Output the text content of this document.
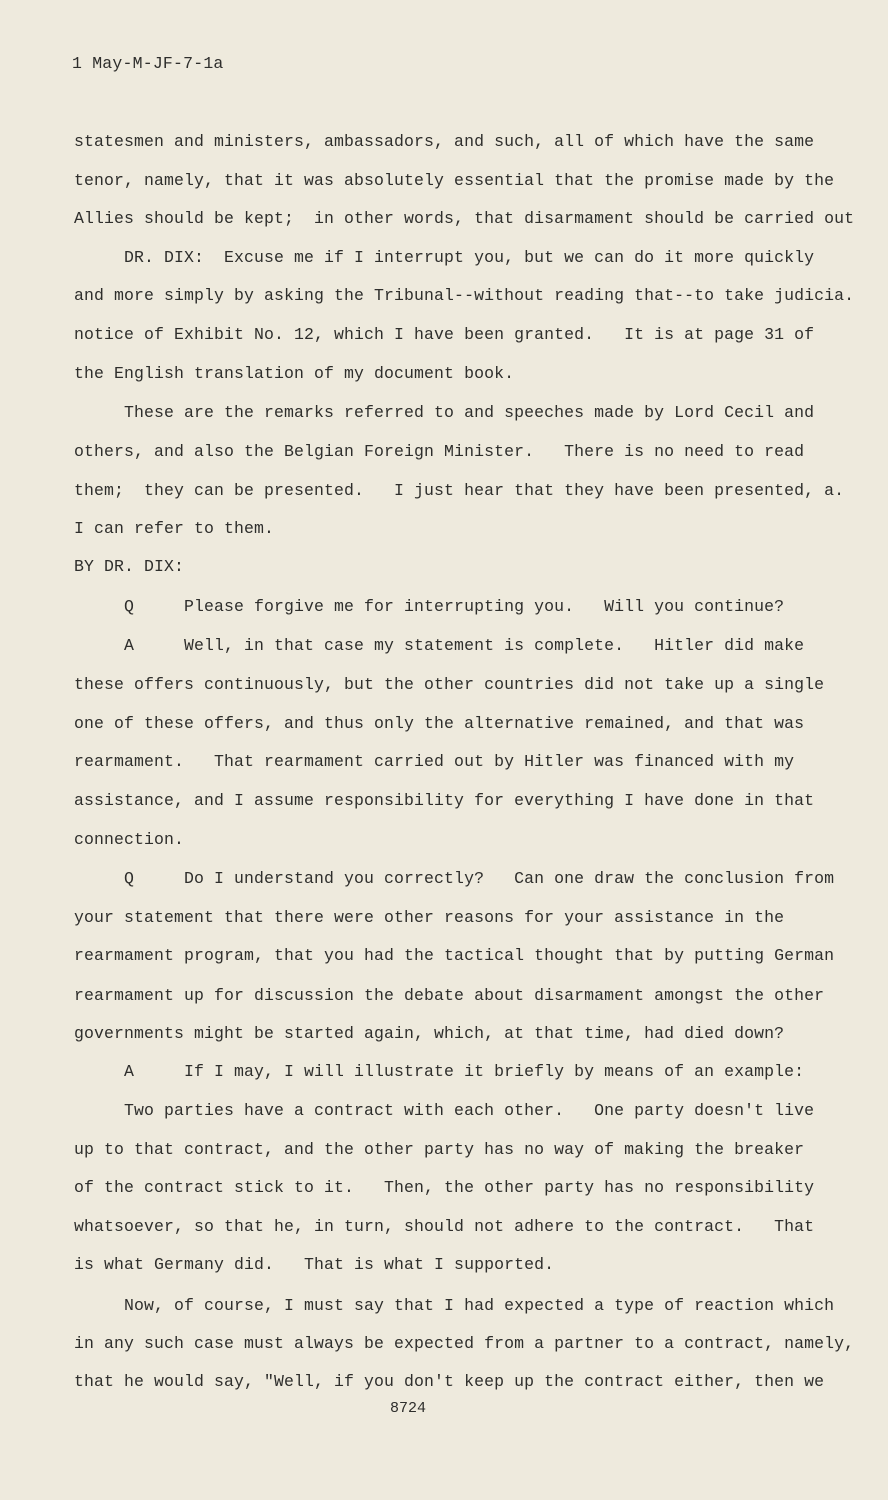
1 May-M-JF-7-1a
statesmen and ministers, ambassadors, and such, all of which have the same
tenor, namely, that it was absolutely essential that the promise made by the
Allies should be kept;  in other words, that disarmament should be carried out
DR. DIX:  Excuse me if I interrupt you, but we can do it more quickly
and more simply by asking the Tribunal--without reading that--to take judicia.
notice of Exhibit No. 12, which I have been granted.   It is at page 31 of
the English translation of my document book.
These are the remarks referred to and speeches made by Lord Cecil and
others, and also the Belgian Foreign Minister.   There is no need to read
them;  they can be presented.   I just hear that they have been presented, a.
I can refer to them.
BY DR. DIX:
Q     Please forgive me for interrupting you.   Will you continue?
A     Well, in that case my statement is complete.   Hitler did make
these offers continuously, but the other countries did not take up a single
one of these offers, and thus only the alternative remained, and that was
rearmament.   That rearmament carried out by Hitler was financed with my
assistance, and I assume responsibility for everything I have done in that
connection.
Q     Do I understand you correctly?   Can one draw the conclusion from
your statement that there were other reasons for your assistance in the
rearmament program, that you had the tactical thought that by putting German
rearmament up for discussion the debate about disarmament amongst the other
governments might be started again, which, at that time, had died down?
A     If I may, I will illustrate it briefly by means of an example:
Two parties have a contract with each other.   One party doesn't live
up to that contract, and the other party has no way of making the breaker
of the contract stick to it.   Then, the other party has no responsibility
whatsoever, so that he, in turn, should not adhere to the contract.   That
is what Germany did.   That is what I supported.
Now, of course, I must say that I had expected a type of reaction which
in any such case must always be expected from a partner to a contract, namely,
that he would say, "Well, if you don't keep up the contract either, then we
8724
